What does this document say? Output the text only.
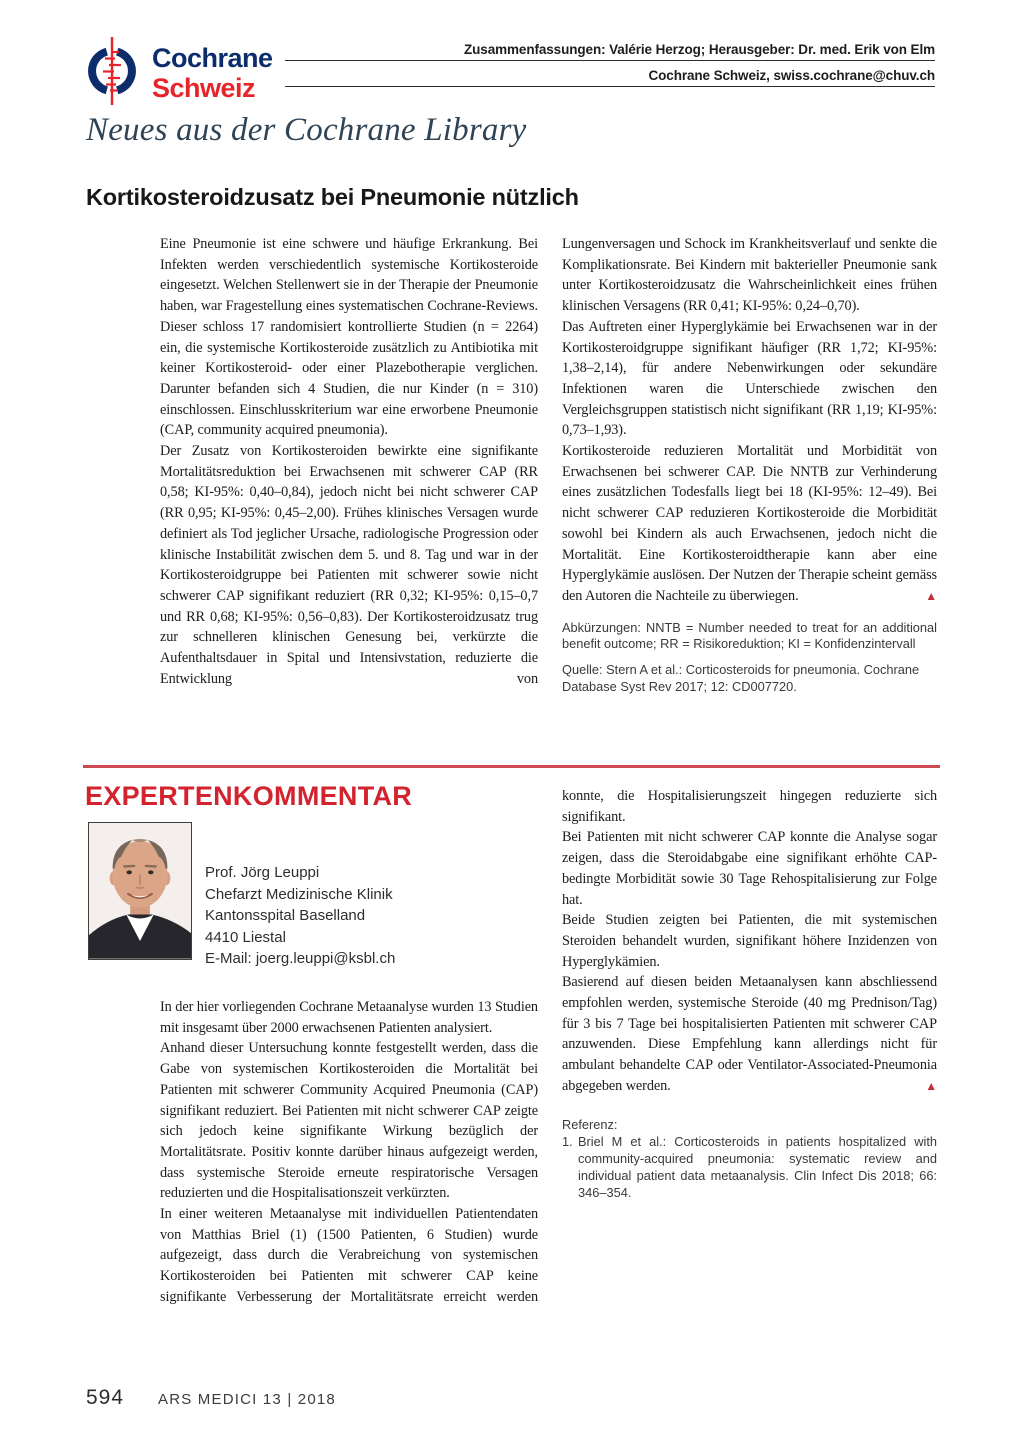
Cochrane
Schweiz
Zusammenfassungen: Valérie Herzog; Herausgeber: Dr. med. Erik von Elm
Cochrane Schweiz, swiss.cochrane@chuv.ch
Neues aus der Cochrane Library
Kortikosteroidzusatz bei Pneumonie nützlich

Eine Pneumonie ist eine schwere und häufige Erkrankung. Bei Infekten werden verschiedentlich systemische Kortikosteroide eingesetzt. Welchen Stellenwert sie in der Therapie der Pneumonie haben, war Fragestellung eines systematischen Cochrane-Reviews. Dieser schloss 17 randomisiert kontrollierte Studien (n = 2264) ein, die systemische Kortikosteroide zusätzlich zu Antibiotika mit keiner Kortikosteroid- oder einer Plazebotherapie verglichen. Darunter befanden sich 4 Studien, die nur Kinder (n = 310) einschlossen. Einschlusskriterium war eine erworbene Pneumonie (CAP, community acquired pneumonia).

Der Zusatz von Kortikosteroiden bewirkte eine signifikante Mortalitätsreduktion bei Erwachsenen mit schwerer CAP (RR 0,58; KI-95%: 0,40–0,84), jedoch nicht bei nicht schwerer CAP (RR 0,95; KI-95%: 0,45–2,00). Frühes klinisches Versagen wurde definiert als Tod jeglicher Ursache, radiologische Progression oder klinische Instabilität zwischen dem 5. und 8. Tag und war in der Kortikosteroidgruppe bei Patienten mit schwerer sowie nicht schwerer CAP signifikant reduziert (RR 0,32; KI-95%: 0,15–0,7 und RR 0,68; KI-95%: 0,56–0,83). Der Kortikosteroidzusatz trug zur schnelleren klinischen Genesung bei, verkürzte die Aufenthaltsdauer in Spital und Intensivstation, reduzierte die Entwicklung von

Lungenversagen und Schock im Krankheitsverlauf und senkte die Komplikationsrate. Bei Kindern mit bakterieller Pneumonie sank unter Kortikosteroidzusatz die Wahrscheinlichkeit eines frühen klinischen Versagens (RR 0,41; KI-95%: 0,24–0,70).

Das Auftreten einer Hyperglykämie bei Erwachsenen war in der Kortikosteroidgruppe signifikant häufiger (RR 1,72; KI-95%: 1,38–2,14), für andere Nebenwirkungen oder sekundäre Infektionen waren die Unterschiede zwischen den Vergleichsgruppen statistisch nicht signifikant (RR 1,19; KI-95%: 0,73–1,93).

Kortikosteroide reduzieren Mortalität und Morbidität von Erwachsenen bei schwerer CAP. Die NNTB zur Verhinderung eines zusätzlichen Todesfalls liegt bei 18 (KI-95%: 12–49). Bei nicht schwerer CAP reduzieren Kortikosteroide die Morbidität sowohl bei Kindern als auch Erwachsenen, jedoch nicht die Mortalität. Eine Kortikosteroidtherapie kann aber eine Hyperglykämie auslösen. Der Nutzen der Therapie scheint gemäss den Autoren die Nachteile zu überwiegen.	▲

Abkürzungen: NNTB = Number needed to treat for an additional benefit outcome; RR = Risikoreduktion; KI = Konfidenzintervall
Quelle: Stern A et al.: Corticosteroids for pneumonia. Cochrane Database Syst Rev 2017; 12: CD007720.
EXPERTENKOMMENTAR
Prof. Jörg Leuppi
Chefarzt Medizinische Klinik
Kantonsspital Baselland
4410 Liestal
E-Mail: joerg.leuppi@ksbl.ch

In der hier vorliegenden Cochrane Metaanalyse wurden 13 Studien mit insgesamt über 2000 erwachsenen Patienten analysiert.

Anhand dieser Untersuchung konnte festgestellt werden, dass die Gabe von systemischen Kortikosteroiden die Mortalität bei Patienten mit schwerer Community Acquired Pneumonia (CAP) signifikant reduziert. Bei Patienten mit nicht schwerer CAP zeigte sich jedoch keine signifikante Wirkung bezüglich der Mortalitätsrate. Positiv konnte darüber hinaus aufgezeigt werden, dass systemische Steroide erneute respiratorische Versagen reduzierten und die Hospitalisationszeit verkürzten.

In einer weiteren Metaanalyse mit individuellen Patientendaten von Matthias Briel (1) (1500 Patienten, 6 Studien) wurde aufgezeigt, dass durch die Verabreichung von systemischen Kortikosteroiden bei Patienten mit schwerer CAP keine signifikante Verbesserung der Mortalitätsrate erreicht werden

konnte, die Hospitalisierungszeit hingegen reduzierte sich signifikant.

Bei Patienten mit nicht schwerer CAP konnte die Analyse sogar zeigen, dass die Steroidabgabe eine signifikant erhöhte CAP-bedingte Morbidität sowie 30 Tage Rehospitalisierung zur Folge hat.

Beide Studien zeigten bei Patienten, die mit systemischen Steroiden behandelt wurden, signifikant höhere Inzidenzen von Hyperglykämien.

Basierend auf diesen beiden Metaanalysen kann abschliessend empfohlen werden, systemische Steroide (40 mg Prednison/Tag) für 3 bis 7 Tage bei hospitalisierten Patienten mit schwerer CAP anzuwenden. Diese Empfehlung kann allerdings nicht für ambulant behandelte CAP oder Ventilator-Associated-Pneumonia abgegeben werden.	▲

Referenz:
1. Briel M et al.: Corticosteroids in patients hospitalized with community-acquired pneumonia: systematic review and individual patient data metaanalysis. Clin Infect Dis 2018; 66: 346–354.
594 ARS MEDICI 13 | 2018
